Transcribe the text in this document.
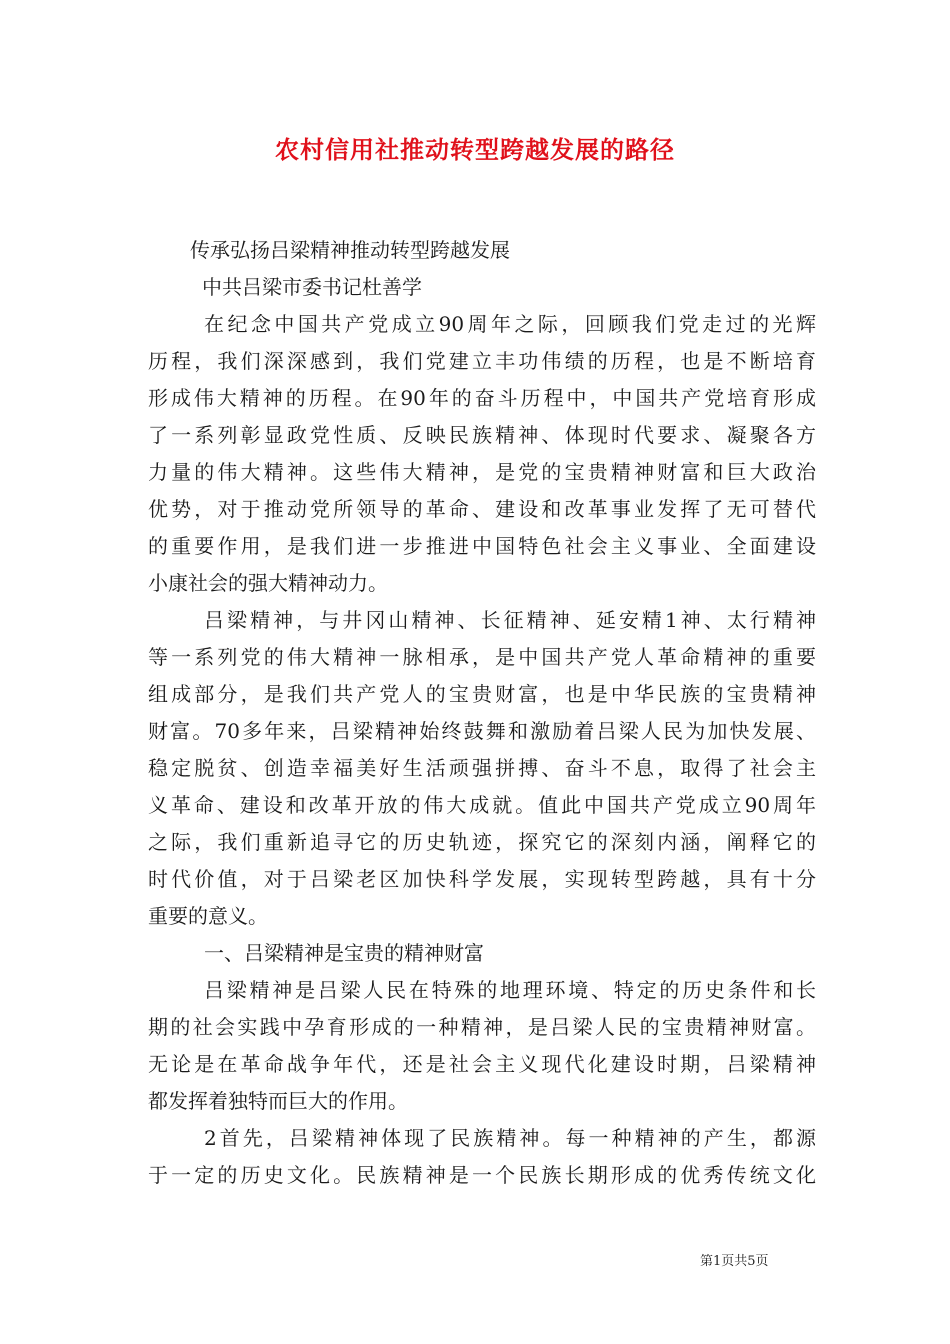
农村信用社推动转型跨越发展的路径
传承弘扬吕梁精神推动转型跨越发展
中共吕梁市委书记杜善学
在纪念中国共产党成立90周年之际，回顾我们党走过的光辉
历程，我们深深感到，我们党建立丰功伟绩的历程，也是不断培育
形成伟大精神的历程。在90年的奋斗历程中，中国共产党培育形成
了一系列彰显政党性质、反映民族精神、体现时代要求、凝聚各方
力量的伟大精神。这些伟大精神，是党的宝贵精神财富和巨大政治
优势，对于推动党所领导的革命、建设和改革事业发挥了无可替代
的重要作用，是我们进一步推进中国特色社会主义事业、全面建设
小康社会的强大精神动力。
吕梁精神，与井冈山精神、长征精神、延安精1神、太行精神
等一系列党的伟大精神一脉相承，是中国共产党人革命精神的重要
组成部分，是我们共产党人的宝贵财富，也是中华民族的宝贵精神
财富。70多年来，吕梁精神始终鼓舞和激励着吕梁人民为加快发展、
稳定脱贫、创造幸福美好生活顽强拼搏、奋斗不息，取得了社会主
义革命、建设和改革开放的伟大成就。值此中国共产党成立90周年
之际，我们重新追寻它的历史轨迹，探究它的深刻内涵，阐释它的
时代价值，对于吕梁老区加快科学发展，实现转型跨越，具有十分
重要的意义。
一、吕梁精神是宝贵的精神财富
吕梁精神是吕梁人民在特殊的地理环境、特定的历史条件和长
期的社会实践中孕育形成的一种精神，是吕梁人民的宝贵精神财富。
无论是在革命战争年代，还是社会主义现代化建设时期，吕梁精神
都发挥着独特而巨大的作用。
2首先，吕梁精神体现了民族精神。每一种精神的产生，都源
于一定的历史文化。民族精神是一个民族长期形成的优秀传统文化
第1页共5页
